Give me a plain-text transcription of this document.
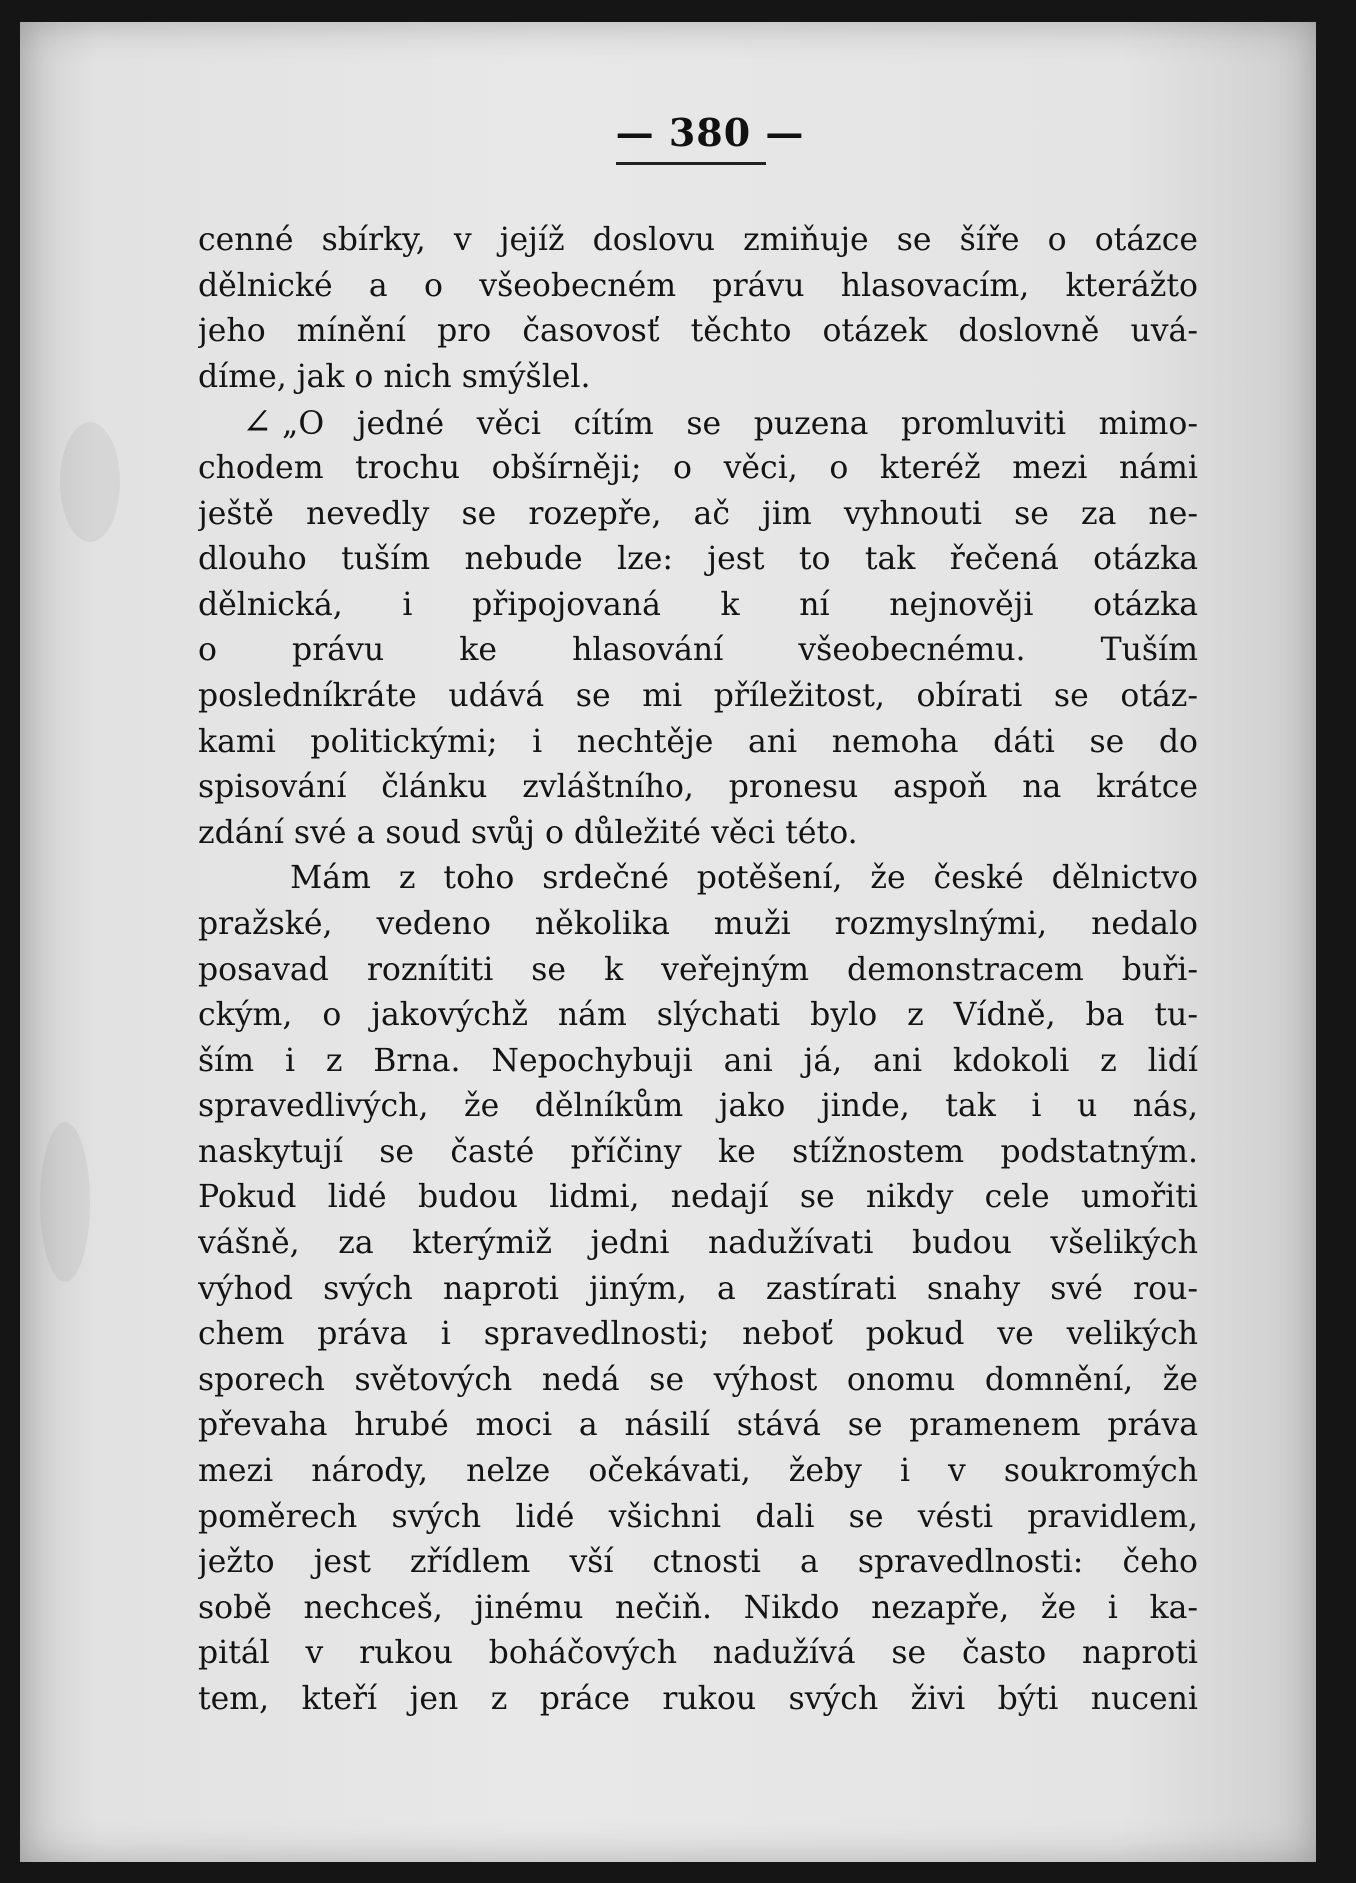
— 380 —
cenné sbírky, v jejíž doslovu zmiňuje se šíře o otázce
dělnické a o všeobecném právu hlasovacím, kterážto
jeho mínění pro časovosť těchto otázek doslovně uvá-
díme, jak o nich smýšlel.
∠ „O jedné věci cítím se puzena promluviti mimo-
chodem trochu obšírněji; o věci, o kteréž mezi námi
ještě nevedly se rozepře, ač jim vyhnouti se za ne-
dlouho tuším nebude lze: jest to tak řečená otázka
dělnická, i připojovaná k ní nejnověji otázka
o právu ke hlasování všeobecnému. Tuším
posledníkráte udává se mi příležitost, obírati se otáz-
kami politickými; i nechtěje ani nemoha dáti se do
spisování článku zvláštního, pronesu aspoň na krátce
zdání své a soud svůj o důležité věci této.
Mám z toho srdečné potěšení, že české dělnictvo
pražské, vedeno několika muži rozmyslnými, nedalo
posavad roznítiti se k veřejným demonstracem buři-
ckým, o jakovýchž nám slýchati bylo z Vídně, ba tu-
ším i z Brna. Nepochybuji ani já, ani kdokoli z lidí
spravedlivých, že dělníkům jako jinde, tak i u nás,
naskytují se časté příčiny ke stížnostem podstatným.
Pokud lidé budou lidmi, nedají se nikdy cele umořiti
vášně, za kterýmiž jedni nadužívati budou všelikých
výhod svých naproti jiným, a zastírati snahy své rou-
chem práva i spravedlnosti; neboť pokud ve velikých
sporech světových nedá se výhost onomu domnění, že
převaha hrubé moci a násilí stává se pramenem práva
mezi národy, nelze očekávati, žeby i v soukromých
poměrech svých lidé všichni dali se vésti pravidlem,
ježto jest zřídlem vší ctnosti a spravedlnosti: čeho
sobě nechceš, jinému nečiň. Nikdo nezapře, že i ka-
pitál v rukou boháčových nadužívá se často naproti
tem, kteří jen z práce rukou svých živi býti nuceni
